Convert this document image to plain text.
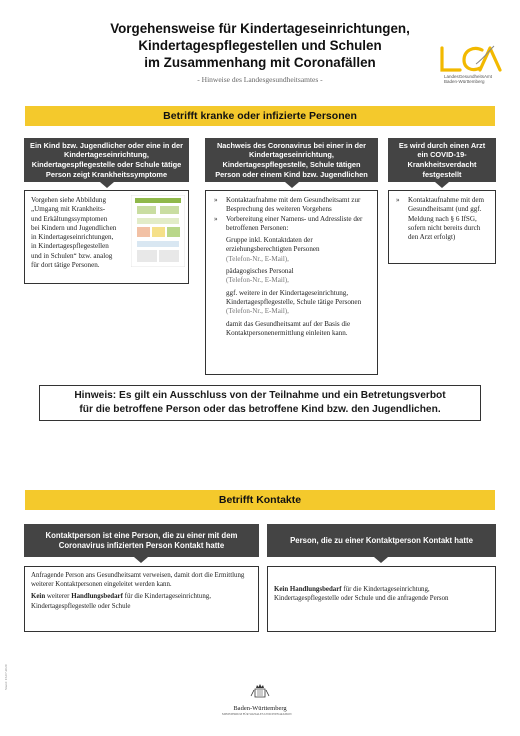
Vorgehensweise für Kindertageseinrichtungen,
Kindertagespflegestellen und Schulen
im Zusammenhang mit Coronafällen
- Hinweise des Landesgesundheitsamtes -	LandesGesundheitsAmt
Baden-Württemberg
Betrifft kranke oder infizierte Personen
Ein Kind bzw. Jugendlicher oder eine in der Kindertageseinrichtung, Kindertagespflegestelle oder Schule tätige Person zeigt Krankheitssymptome
Vorgehen siehe Abbildung
„Umgang mit Krankheits-
und Erkältungssymptomen
bei Kindern und Jugendlichen
in Kindertageseinrichtungen,
in Kindertagespflegestellen
und in Schulen“ bzw. analog
für dort tätige Personen.
Nachweis des Coronavirus bei einer in der Kindertageseinrichtung, Kindertagespflegestelle, Schule tätigen Person oder einem Kind bzw. Jugendlichen
» Kontaktaufnahme mit dem Gesundheitsamt zur Besprechung des weiteren Vorgehens
» Vorbereitung einer Namens- und Adressliste der betroffenen Personen:
Gruppe inkl. Kontaktdaten der erziehungsberechtigten Personen
(Telefon-Nr., E-Mail),
pädagogisches Personal
(Telefon-Nr., E-Mail),
ggf. weitere in der Kindertageseinrichtung, Kindertagespflegestelle, Schule tätige Personen
(Telefon-Nr., E-Mail),
damit das Gesundheitsamt auf der Basis die Kontaktpersonenermittlung einleiten kann.
Es wird durch einen Arzt ein COVID-19-Krankheitsverdacht festgestellt
» Kontaktaufnahme mit dem Gesundheitsamt (und ggf. Meldung nach § 6 IfSG, sofern nicht bereits durch den Arzt erfolgt)
Hinweis: Es gilt ein Ausschluss von der Teilnahme und ein Betretungsverbot
für die betroffene Person oder das betroffene Kind bzw. den Jugendlichen.
Betrifft Kontakte
Kontaktperson ist eine Person, die zu einer mit dem Coronavirus infizierten Person Kontakt hatte
Anfragende Person ans Gesundheitsamt verweisen, damit dort die Ermittlung weiterer Kontaktpersonen eingeleitet werden kann.
Kein weiterer Handlungsbedarf für die Kindertageseinrichtung, Kindertagespflegestelle oder Schule
Person, die zu einer Kontaktperson Kontakt hatte
Kein Handlungsbedarf für die Kindertageseinrichtung, Kindertagespflegestelle oder Schule und die anfragende Person
Baden-Württemberg
MINISTERIUM FÜR SOZIALES UND INTEGRATION
Stand: 16.07.2020
